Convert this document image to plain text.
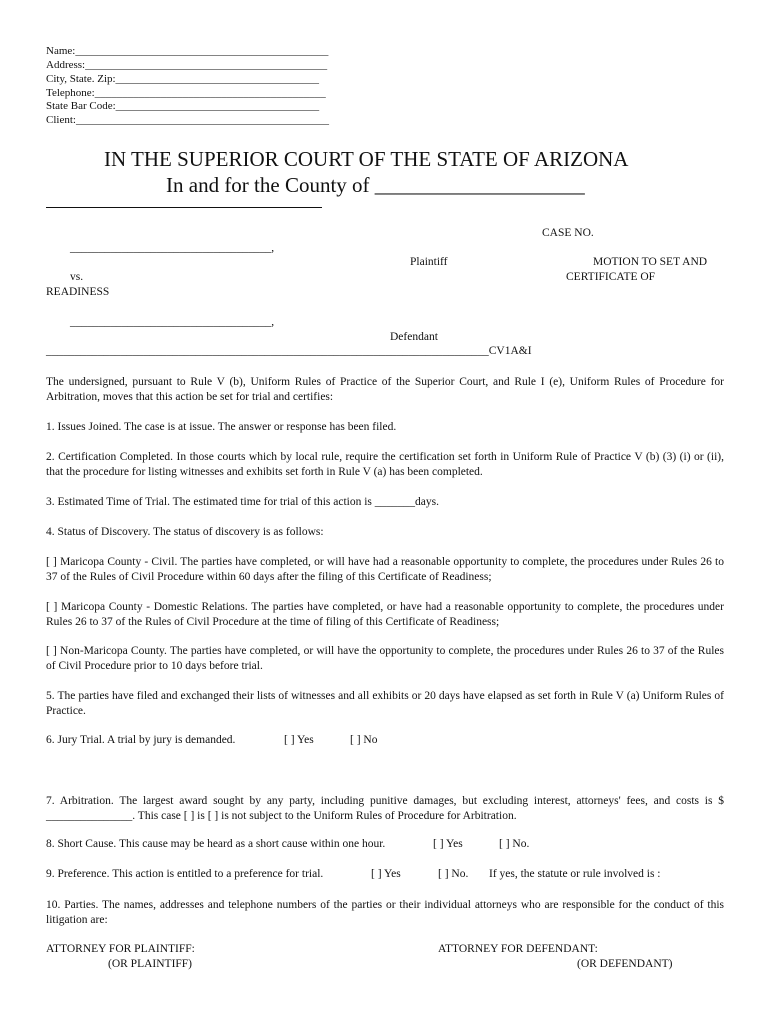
Name:______________________________________________
Address:____________________________________________
City, State. Zip:_____________________________________
Telephone:__________________________________________
State Bar Code:_____________________________________
Client:______________________________________________
IN THE SUPERIOR COURT OF THE STATE OF ARIZONA
In and for the County of ____________________
CASE NO.
___________________________________,
Plaintiff	MOTION TO SET AND
vs.	CERTIFICATE OF
READINESS
___________________________________,
Defendant
_____________________________________________________________________________CV1A&I
The undersigned, pursuant to Rule V (b), Uniform Rules of Practice of the Superior Court, and Rule I (e), Uniform Rules of Procedure for Arbitration, moves that this action be set for trial and certifies:
1. Issues Joined. The case is at issue. The answer or response has been filed.
2. Certification Completed. In those courts which by local rule, require the certification set forth in Uniform Rule of Practice V (b) (3) (i) or (ii), that the procedure for listing witnesses and exhibits set forth in Rule V (a) has been completed.
3. Estimated Time of Trial. The estimated time for trial of this action is _______days.
4. Status of Discovery. The status of discovery is as follows:
[ ] Maricopa County - Civil. The parties have completed, or will have had a reasonable opportunity to complete, the procedures under Rules 26 to 37 of the Rules of Civil Procedure within 60 days after the filing of this Certificate of Readiness;
[ ] Maricopa County - Domestic Relations. The parties have completed, or have had a reasonable opportunity to complete, the procedures under Rules 26 to 37 of the Rules of Civil Procedure at the time of filing of this Certificate of Readiness;
[ ] Non-Maricopa County. The parties have completed, or will have the opportunity to complete, the procedures under Rules 26 to 37 of the Rules of Civil Procedure prior to 10 days before trial.
5. The parties have filed and exchanged their lists of witnesses and all exhibits or 20 days have elapsed as set forth in Rule V (a) Uniform Rules of Practice.
6. Jury Trial. A trial by jury is demanded.	[ ] Yes	[ ] No
7. Arbitration. The largest award sought by any party, including punitive damages, but excluding interest, attorneys' fees, and costs is $ _______________. This case [ ] is [ ] is not subject to the Uniform Rules of Procedure for Arbitration.
8. Short Cause. This cause may be heard as a short cause within one hour.	[ ] Yes	[ ] No.
9. Preference. This action is entitled to a preference for trial.	[ ] Yes	[ ] No. If yes, the statute or rule involved is :
10. Parties. The names, addresses and telephone numbers of the parties or their individual attorneys who are responsible for the conduct of this litigation are:
ATTORNEY FOR PLAINTIFF:
(OR PLAINTIFF)
ATTORNEY FOR DEFENDANT:
(OR DEFENDANT)
